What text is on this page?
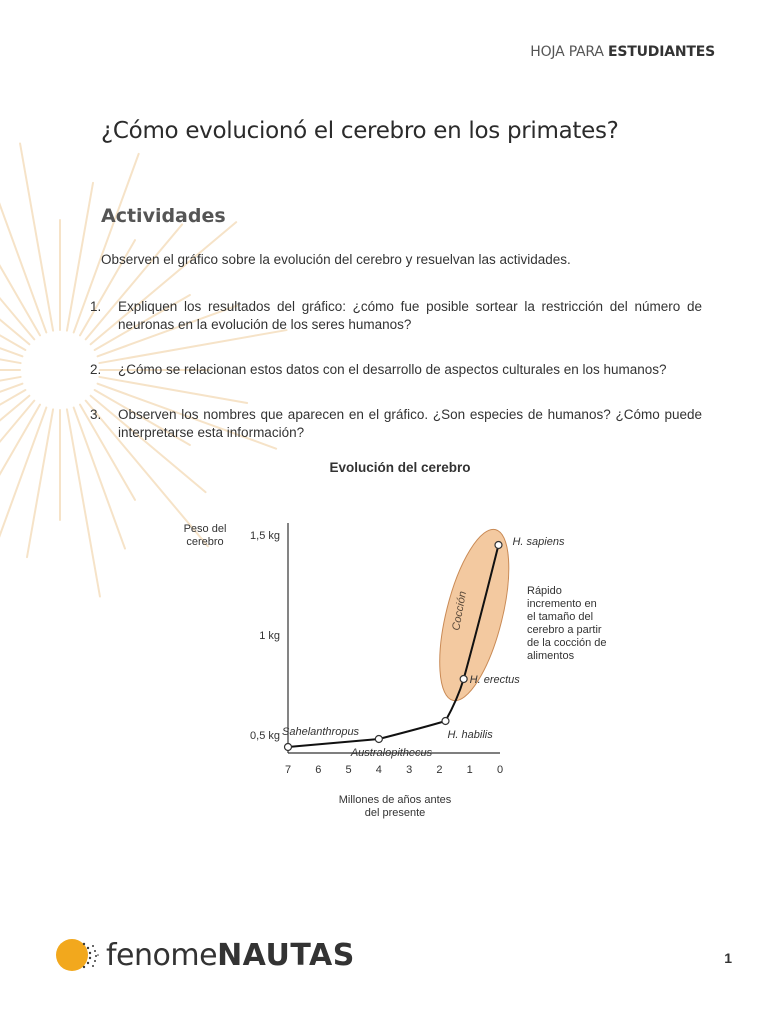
HOJA PARA ESTUDIANTES
¿Cómo evolucionó el cerebro en los primates?
Actividades

Observen el gráfico sobre la evolución del cerebro y resuelvan las actividades.

1.	Expliquen los resultados del gráfico: ¿cómo fue posible sortear la restricción del número de neuronas en la evolución de los seres humanos?
2.	¿Cómo se relacionan estos datos con el desarrollo de aspectos culturales en los humanos?
3.	Observen los nombres que aparecen en el gráfico. ¿Son especies de humanos? ¿Cómo puede interpretarse esta información?

Evolución del cerebro

Cocción
Peso del
cerebro 1,5 kg
1 kg
0,5 kg
7 6 5 4 3 2 1 0
Millones de años antes
del presente
Sahelanthropus
Australopithecus
H. habilis
H. erectus
H. sapiens
Rápido
incremento en
el tamaño del
cerebro a partir
de la cocción de
alimentos
fenomeNAUTAS	1
